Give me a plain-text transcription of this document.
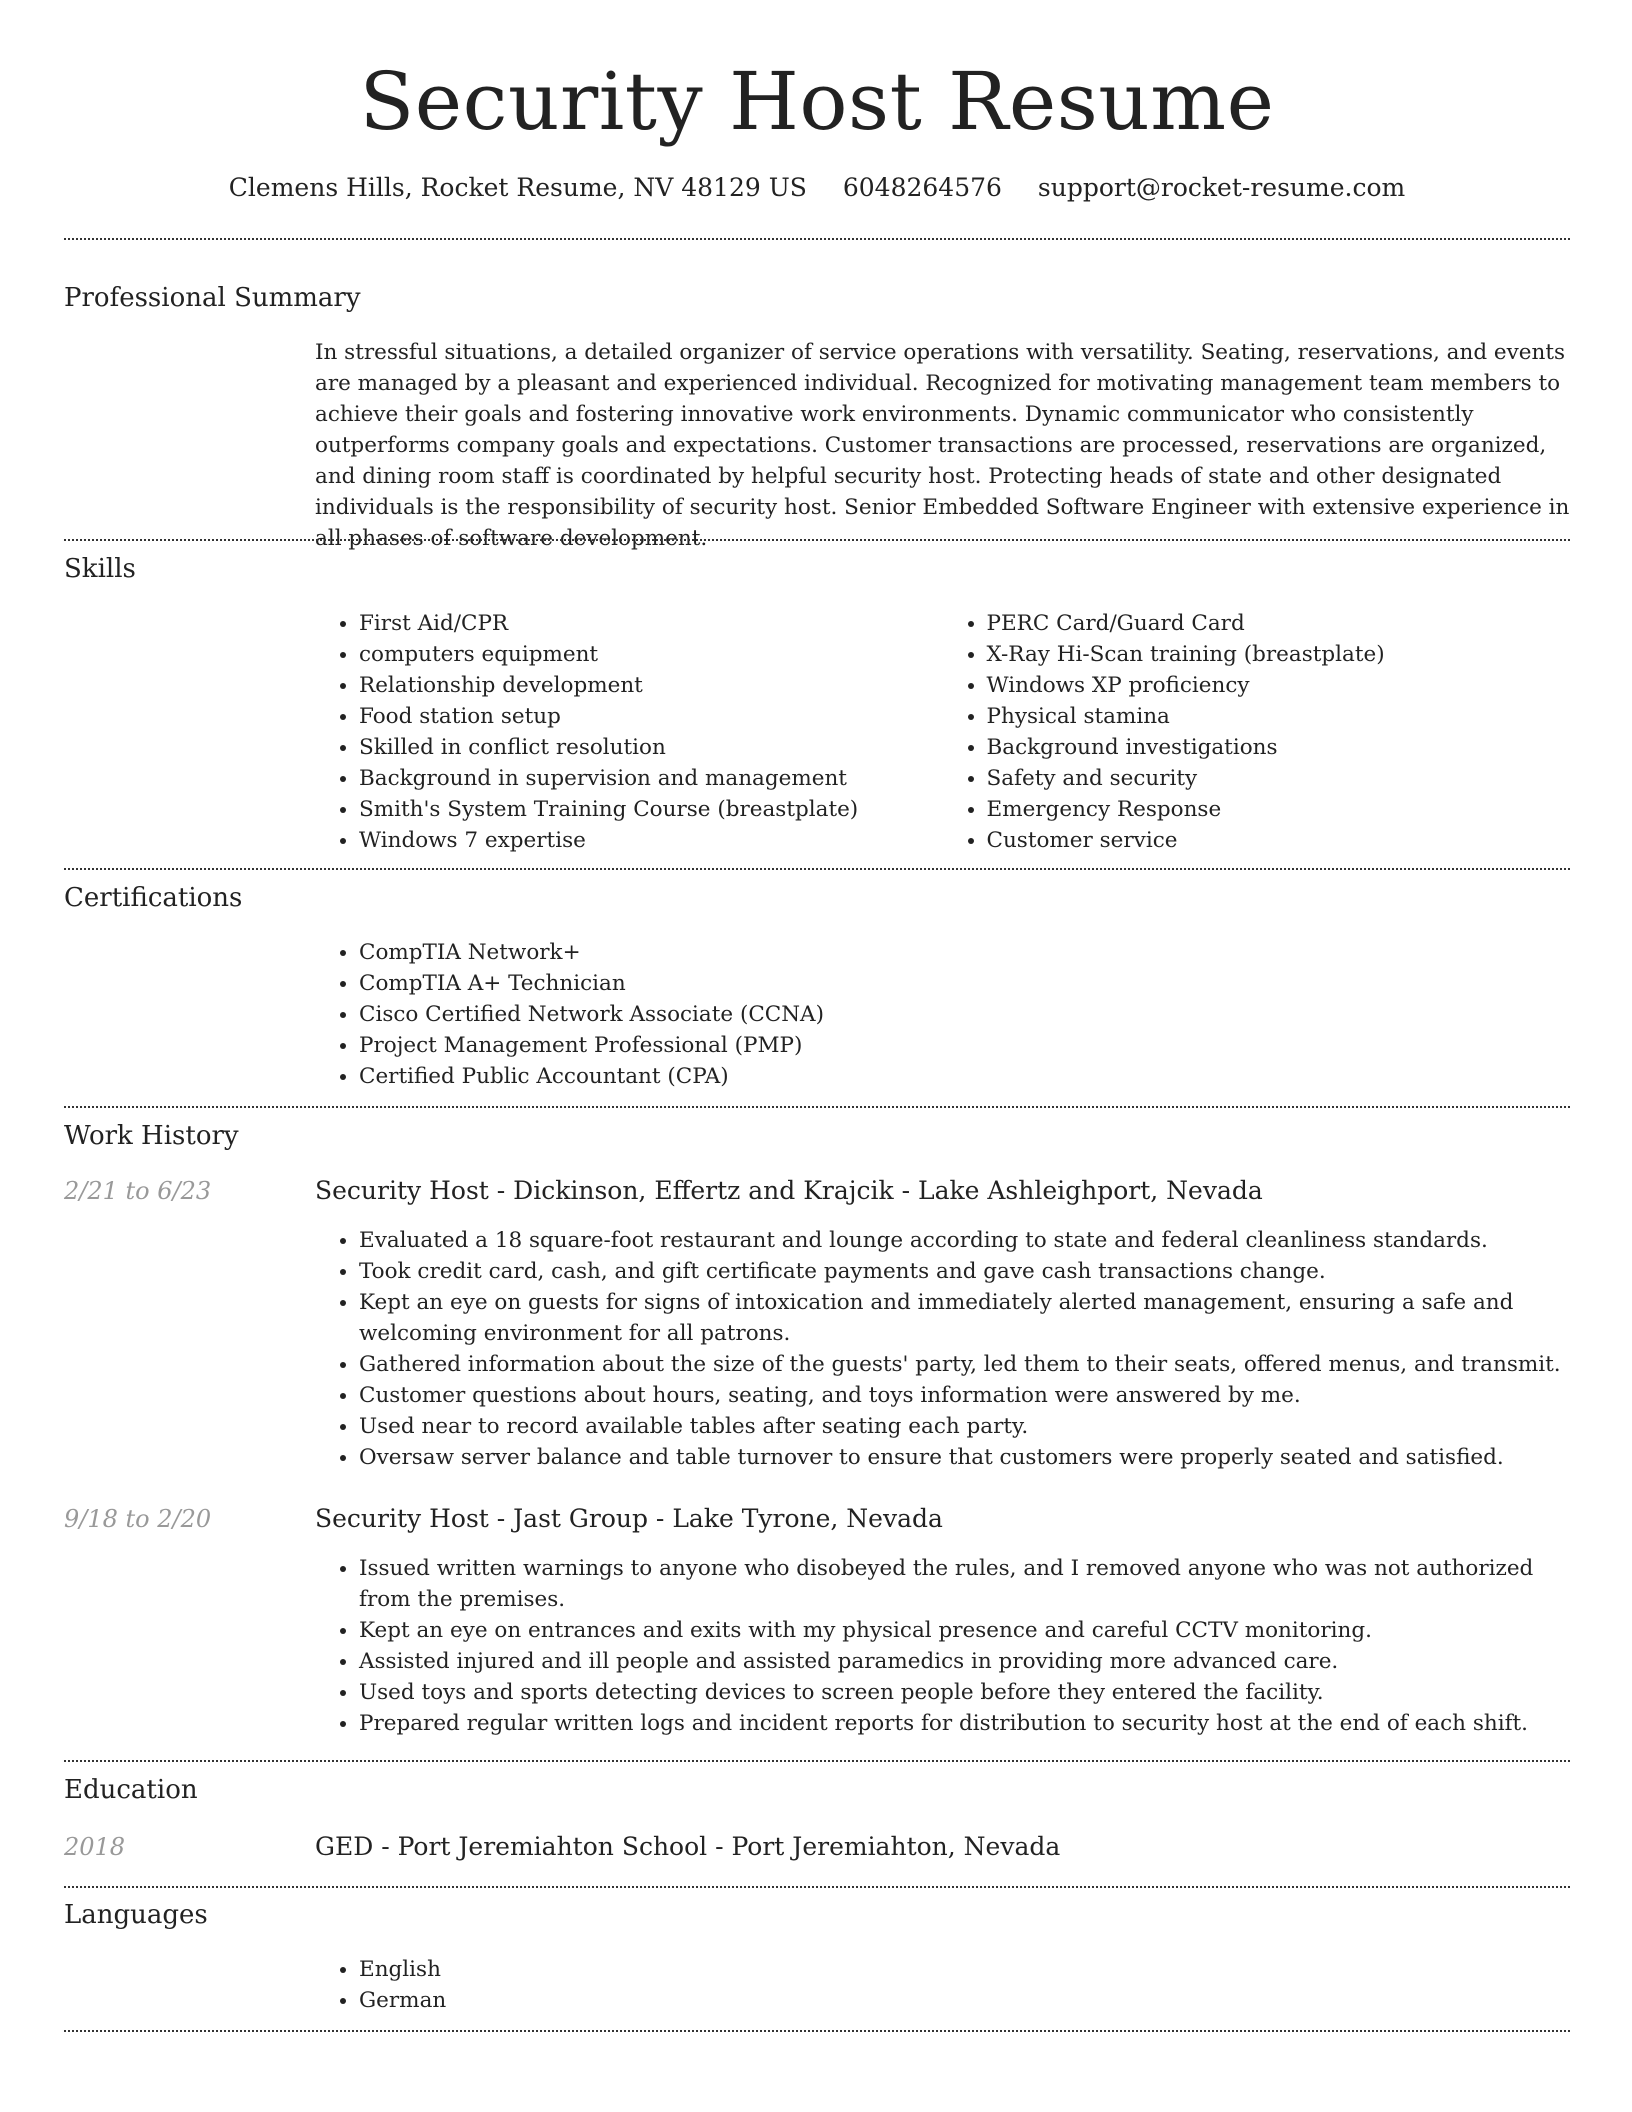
Security Host Resume
Clemens Hills, Rocket Resume, NV 48129 US 6048264576 support@rocket-resume.com
Professional Summary

In stressful situations, a detailed organizer of service operations with versatility. Seating, reservations, and events are managed by a pleasant and experienced individual. Recognized for motivating management team members to achieve their goals and fostering innovative work environments. Dynamic communicator who consistently outperforms company goals and expectations. Customer transactions are processed, reservations are organized, and dining room staff is coordinated by helpful security host. Protecting heads of state and other designated individuals is the responsibility of security host. Senior Embedded Software Engineer with extensive experience in all phases of software development.

Skills
• First Aid/CPR
• computers equipment
• Relationship development
• Food station setup
• Skilled in conflict resolution
• Background in supervision and management
• Smith's System Training Course (breastplate)
• Windows 7 expertise
• PERC Card/Guard Card
• X-Ray Hi-Scan training (breastplate)
• Windows XP proficiency
• Physical stamina
• Background investigations
• Safety and security
• Emergency Response
• Customer service
Certifications
• CompTIA Network+
• CompTIA A+ Technician
• Cisco Certified Network Associate (CCNA)
• Project Management Professional (PMP)
• Certified Public Accountant (CPA)
Work History
2/21 to 6/23	Security Host - Dickinson, Effertz and Krajcik - Lake Ashleighport, Nevada
• Evaluated a 18 square-foot restaurant and lounge according to state and federal cleanliness standards.
• Took credit card, cash, and gift certificate payments and gave cash transactions change.
• Kept an eye on guests for signs of intoxication and immediately alerted management, ensuring a safe and welcoming environment for all patrons.
• Gathered information about the size of the guests' party, led them to their seats, offered menus, and transmit.
• Customer questions about hours, seating, and toys information were answered by me.
• Used near to record available tables after seating each party.
• Oversaw server balance and table turnover to ensure that customers were properly seated and satisfied.
9/18 to 2/20	Security Host - Jast Group - Lake Tyrone, Nevada
• Issued written warnings to anyone who disobeyed the rules, and I removed anyone who was not authorized from the premises.
• Kept an eye on entrances and exits with my physical presence and careful CCTV monitoring.
• Assisted injured and ill people and assisted paramedics in providing more advanced care.
• Used toys and sports detecting devices to screen people before they entered the facility.
• Prepared regular written logs and incident reports for distribution to security host at the end of each shift.
Education
2018	GED - Port Jeremiahton School - Port Jeremiahton, Nevada
Languages
• English
• German
